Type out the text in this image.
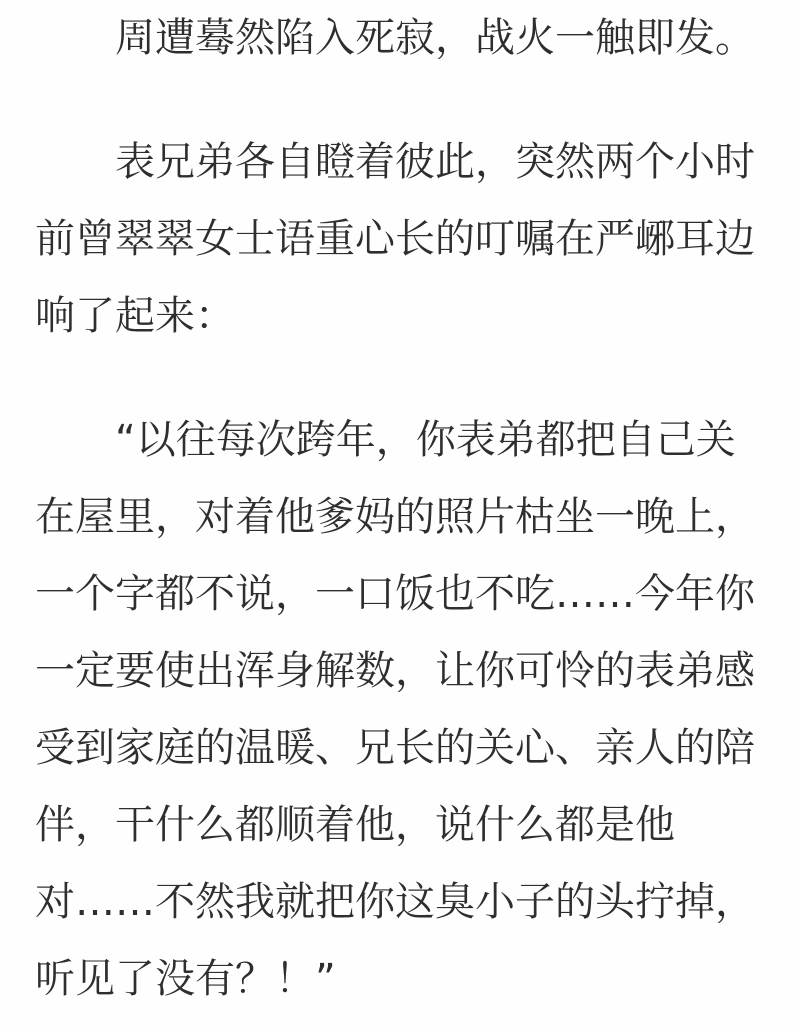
周遭蓦然陷入死寂，战火一触即发。

表兄弟各自瞪着彼此，突然两个小时前曾翠翠女士语重心长的叮嘱在严峫耳边响了起来：

“以往每次跨年，你表弟都把自己关在屋里，对着他爹妈的照片枯坐一晚上，一个字都不说，一口饭也不吃……今年你一定要使出浑身解数，让你可怜的表弟感受到家庭的温暖、兄长的关心、亲人的陪伴，干什么都顺着他，说什么都是他对……不然我就把你这臭小子的头拧掉，听见了没有？！”
